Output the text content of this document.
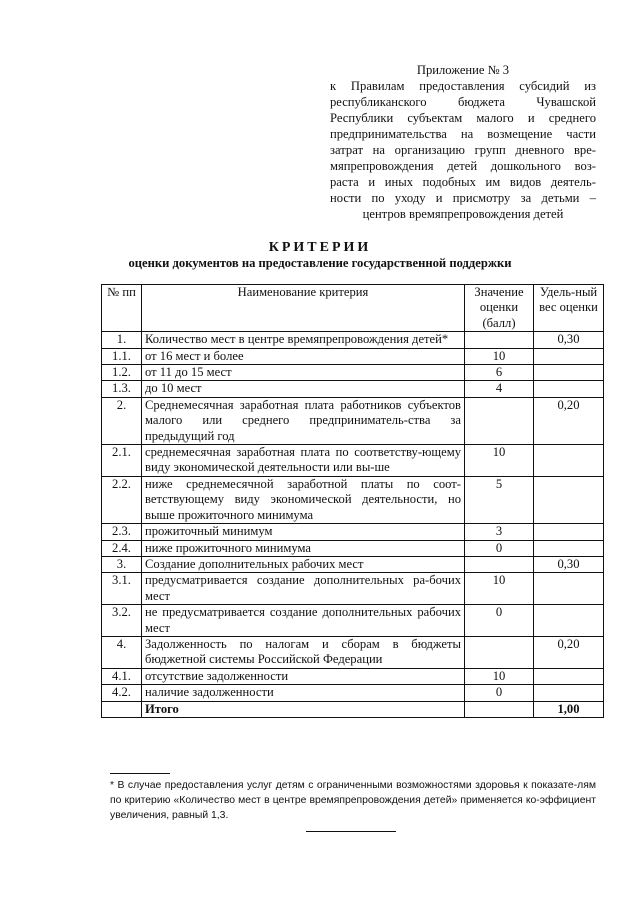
Приложение № 3
к Правилам предоставления субсидий из
республиканского бюджета Чувашской
Республики субъектам малого и среднего
предпринимательства на возмещение части
затрат на организацию групп дневного вре-
мяпрепровождения детей дошкольного воз-
раста и иных подобных им видов деятель-
ности по уходу и присмотру за детьми –
центров времяпрепровождения детей
КРИТЕРИИ
оценки документов на предоставление государственной поддержки
№ пп	Наименование критерия	Значение оценки (балл)	Удель-ный вес оценки
1.	Количество мест в центре времяпрепровождения детей*		0,30
1.1.	от 16 мест и более	10	
1.2.	от 11 до 15 мест	6	
1.3.	до 10 мест	4	
2.	Среднемесячная заработная плата работников субъектов малого или среднего предприниматель-ства за предыдущий год		0,20
2.1.	среднемесячная заработная плата по соответству-ющему виду экономической деятельности или вы-ше	10	
2.2.	ниже среднемесячной заработной платы по соот-ветствующему виду экономической деятельности, но выше прожиточного минимума	5	
2.3.	прожиточный минимум	3	
2.4.	ниже прожиточного минимума	0	
3.	Создание дополнительных рабочих мест		0,30
3.1.	предусматривается создание дополнительных ра-бочих мест	10	
3.2.	не предусматривается создание дополнительных рабочих мест	0	
4.	Задолженность по налогам и сборам в бюджеты бюджетной системы Российской Федерации		0,20
4.1.	отсутствие задолженности	10	
4.2.	наличие задолженности	0	
	Итого		1,00
* В случае предоставления услуг детям с ограниченными возможностями здоровья к показате-лям по критерию «Количество мест в центре времяпрепровождения детей» применяется ко-эффициент увеличения, равный 1,3.
